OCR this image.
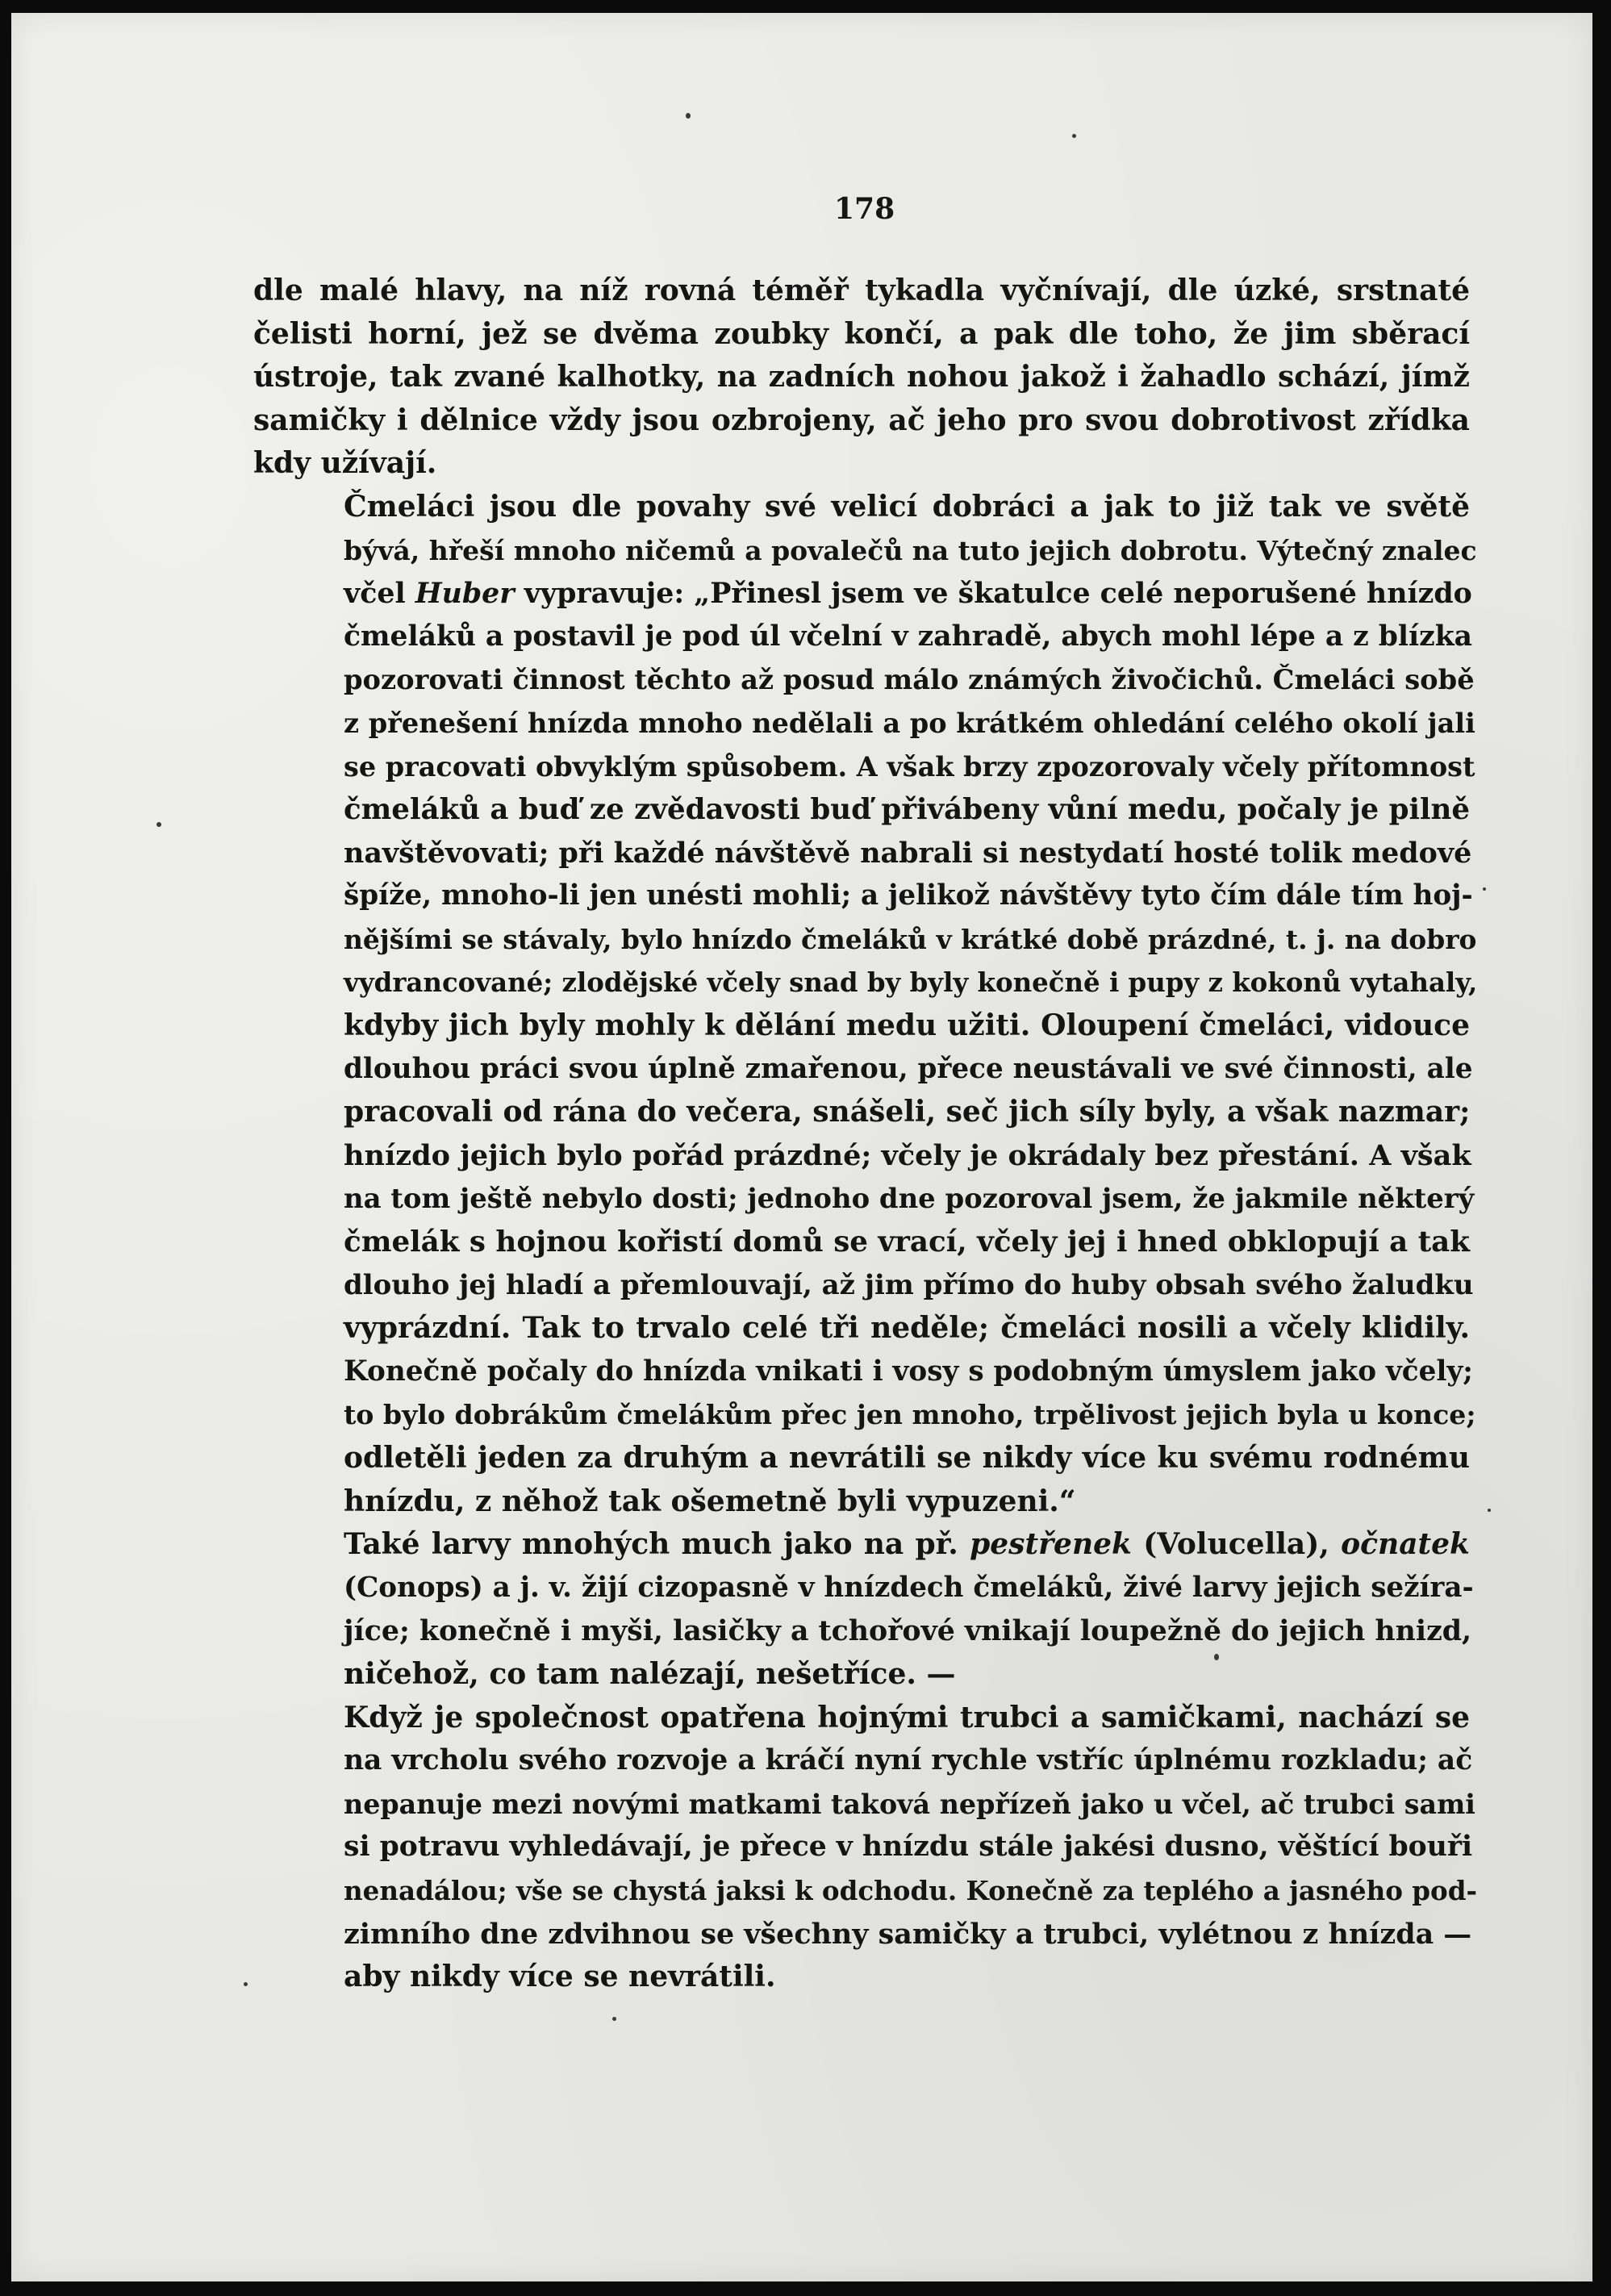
178
dle malé hlavy, na níž rovná téměř tykadla vyčnívají, dle úzké, srstnaté
čelisti horní, jež se dvěma zoubky končí, a pak dle toho, že jim sběrací
ústroje, tak zvané kalhotky, na zadních nohou jakož i žahadlo schází, jímž
samičky i dělnice vždy jsou ozbrojeny, ač jeho pro svou dobrotivost zřídka
kdy užívají.
Čmeláci jsou dle povahy své velicí dobráci a jak to již tak ve světě
bývá, hřeší mnoho ničemů a povalečů na tuto jejich dobrotu. Výtečný znalec
včel Huber vypravuje: „Přinesl jsem ve škatulce celé neporušené hnízdo
čmeláků a postavil je pod úl včelní v zahradě, abych mohl lépe a z blízka
pozorovati činnost těchto až posud málo známých živočichů. Čmeláci sobě
z přenešení hnízda mnoho nedělali a po krátkém ohledání celého okolí jali
se pracovati obvyklým spůsobem. A však brzy zpozorovaly včely přítomnost
čmeláků a buď ze zvědavosti buď přivábeny vůní medu, počaly je pilně
navštěvovati; při každé návštěvě nabrali si nestydatí hosté tolik medové
špíže, mnoho-li jen unésti mohli; a jelikož návštěvy tyto čím dále tím hoj-
nějšími se stávaly, bylo hnízdo čmeláků v krátké době prázdné, t. j. na dobro
vydrancované; zlodějské včely snad by byly konečně i pupy z kokonů vytahaly,
kdyby jich byly mohly k dělání medu užiti. Oloupení čmeláci, vidouce
dlouhou práci svou úplně zmařenou, přece neustávali ve své činnosti, ale
pracovali od rána do večera, snášeli, seč jich síly byly, a však nazmar;
hnízdo jejich bylo pořád prázdné; včely je okrádaly bez přestání. A však
na tom ještě nebylo dosti; jednoho dne pozoroval jsem, že jakmile některý
čmelák s hojnou kořistí domů se vrací, včely jej i hned obklopují a tak
dlouho jej hladí a přemlouvají, až jim přímo do huby obsah svého žaludku
vyprázdní. Tak to trvalo celé tři neděle; čmeláci nosili a včely klidily.
Konečně počaly do hnízda vnikati i vosy s podobným úmyslem jako včely;
to bylo dobrákům čmelákům přec jen mnoho, trpělivost jejich byla u konce;
odletěli jeden za druhým a nevrátili se nikdy více ku svému rodnému
hnízdu, z něhož tak ošemetně byli vypuzeni.“
Také larvy mnohých much jako na př. pestřenek (Volucella), očnatek
(Conops) a j. v. žijí cizopasně v hnízdech čmeláků, živé larvy jejich sežíra-
jíce; konečně i myši, lasičky a tchořové vnikají loupežně do jejich hnizd,
ničehož, co tam nalézají, nešetříce. —
Když je společnost opatřena hojnými trubci a samičkami, nachází se
na vrcholu svého rozvoje a kráčí nyní rychle vstříc úplnému rozkladu; ač
nepanuje mezi novými matkami taková nepřízeň jako u včel, ač trubci sami
si potravu vyhledávají, je přece v hnízdu stále jakési dusno, věštící bouři
nenadálou; vše se chystá jaksi k odchodu. Konečně za teplého a jasného pod-
zimního dne zdvihnou se všechny samičky a trubci, vylétnou z hnízda —
aby nikdy více se nevrátili.
